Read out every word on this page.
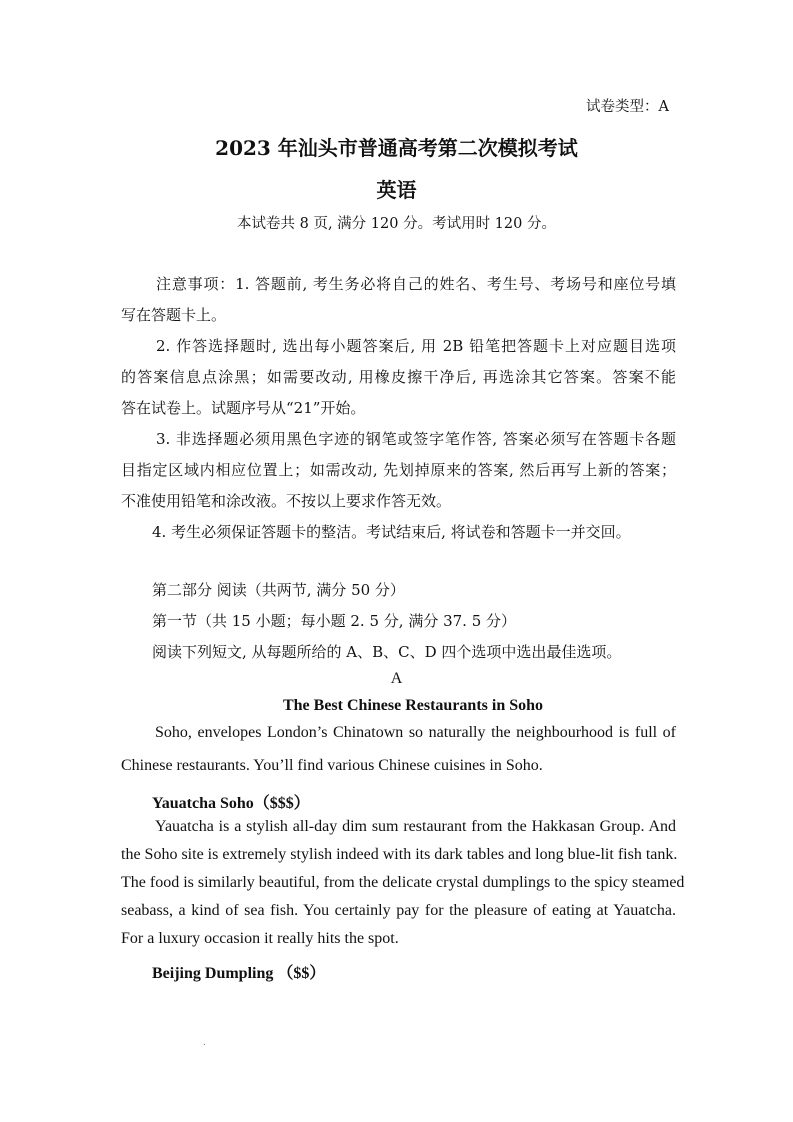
试卷类型：A
2023 年汕头市普通高考第二次模拟考试
英语
本试卷共 8 页, 满分 120 分。考试用时 120 分。
注意事项：1. 答题前, 考生务必将自己的姓名、考生号、考场号和座位号填
写在答题卡上。
2. 作答选择题时, 选出每小题答案后, 用 2B 铅笔把答题卡上对应题目选项
的答案信息点涂黑；如需要改动, 用橡皮擦干净后, 再选涂其它答案。答案不能
答在试卷上。试题序号从“21”开始。
3. 非选择题必须用黑色字迹的钢笔或签字笔作答, 答案必须写在答题卡各题
目指定区域内相应位置上；如需改动, 先划掉原来的答案, 然后再写上新的答案；
不准使用铅笔和涂改液。不按以上要求作答无效。
4. 考生必须保证答题卡的整洁。考试结束后, 将试卷和答题卡一并交回。
第二部分 阅读（共两节, 满分 50 分）
第一节（共 15 小题；每小题 2. 5 分, 满分 37. 5 分）
阅读下列短文, 从每题所给的 A、B、C、D 四个选项中选出最佳选项。
A
The Best Chinese Restaurants in Soho
Soho, envelopes London’s Chinatown so naturally the neighbourhood is full of
Chinese restaurants. You’ll find various Chinese cuisines in Soho.
Yauatcha Soho（$$$）
Yauatcha is a stylish all-day dim sum restaurant from the Hakkasan Group. And
the Soho site is extremely stylish indeed with its dark tables and long blue-lit fish tank.
The food is similarly beautiful, from the delicate crystal dumplings to the spicy steamed
seabass, a kind of sea fish. You certainly pay for the pleasure of eating at Yauatcha.
For a luxury occasion it really hits the spot.
Beijing Dumpling （$$）
.
